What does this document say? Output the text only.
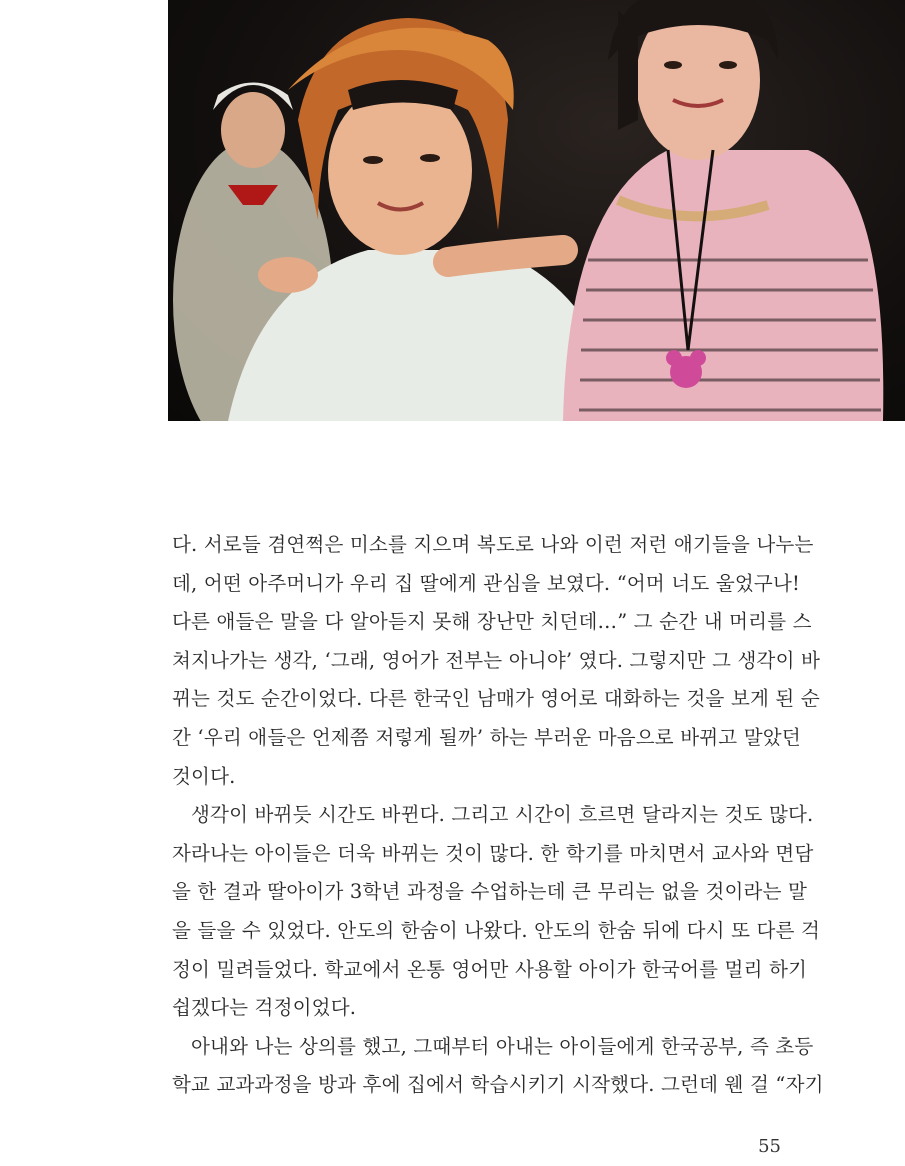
다. 서로들 겸연쩍은 미소를 지으며 복도로 나와 이런 저런 애기들을 나누는
데, 어떤 아주머니가 우리 집 딸에게 관심을 보였다. “어머 너도 울었구나!
다른 애들은 말을 다 알아듣지 못해 장난만 치던데…” 그 순간 내 머리를 스
쳐지나가는 생각, ‘그래, 영어가 전부는 아니야’ 였다. 그렇지만 그 생각이 바
뀌는 것도 순간이었다. 다른 한국인 남매가 영어로 대화하는 것을 보게 된 순
간 ‘우리 애들은 언제쯤 저렇게 될까’ 하는 부러운 마음으로 바뀌고 말았던
것이다.

생각이 바뀌듯 시간도 바뀐다. 그리고 시간이 흐르면 달라지는 것도 많다.
자라나는 아이들은 더욱 바뀌는 것이 많다. 한 학기를 마치면서 교사와 면담
을 한 결과 딸아이가 3학년 과정을 수업하는데 큰 무리는 없을 것이라는 말
을 들을 수 있었다. 안도의 한숨이 나왔다. 안도의 한숨 뒤에 다시 또 다른 걱
정이 밀려들었다. 학교에서 온통 영어만 사용할 아이가 한국어를 멀리 하기
쉽겠다는 걱정이었다.

아내와 나는 상의를 했고, 그때부터 아내는 아이들에게 한국공부, 즉 초등
학교 교과과정을 방과 후에 집에서 학습시키기 시작했다. 그런데 웬 걸 “자기

55
